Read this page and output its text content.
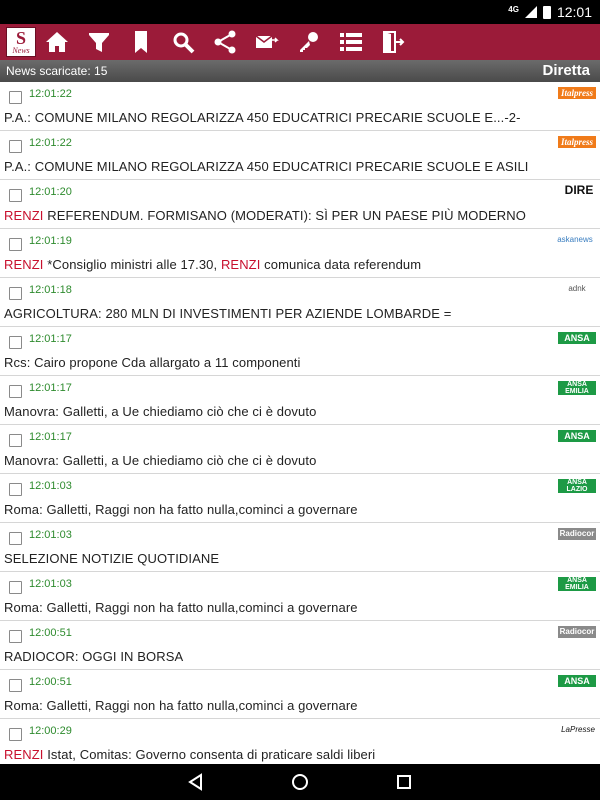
4G	12:01
S
News
News scaricate: 15	Diretta
12:01:22	Italpress
P.A.: COMUNE MILANO REGOLARIZZA 450 EDUCATRICI PRECARIE SCUOLE E...-2-
12:01:22	Italpress
P.A.: COMUNE MILANO REGOLARIZZA 450 EDUCATRICI PRECARIE SCUOLE E ASILI
12:01:20	DIRE
RENZI REFERENDUM. FORMISANO (MODERATI): SÌ PER UN PAESE PIÙ MODERNO
12:01:19	askanews
RENZI *Consiglio ministri alle 17.30, RENZI comunica data referendum
12:01:18	adnk
AGRICOLTURA: 280 MLN DI INVESTIMENTI PER AZIENDE LOMBARDE =
12:01:17	ANSA
Rcs: Cairo propone Cda allargato a 11 componenti
12:01:17	ANSA EMILIA
Manovra: Galletti, a Ue chiediamo ciò che ci è dovuto
12:01:17	ANSA
Manovra: Galletti, a Ue chiediamo ciò che ci è dovuto
12:01:03	ANSA LAZIO
Roma: Galletti, Raggi non ha fatto nulla,cominci a governare
12:01:03	Radiocor
SELEZIONE NOTIZIE QUOTIDIANE
12:01:03	ANSA EMILIA
Roma: Galletti, Raggi non ha fatto nulla,cominci a governare
12:00:51	Radiocor
RADIOCOR: OGGI IN BORSA
12:00:51	ANSA
Roma: Galletti, Raggi non ha fatto nulla,cominci a governare
12:00:29	LaPresse
RENZI Istat, Comitas: Governo consenta di praticare saldi liberi
